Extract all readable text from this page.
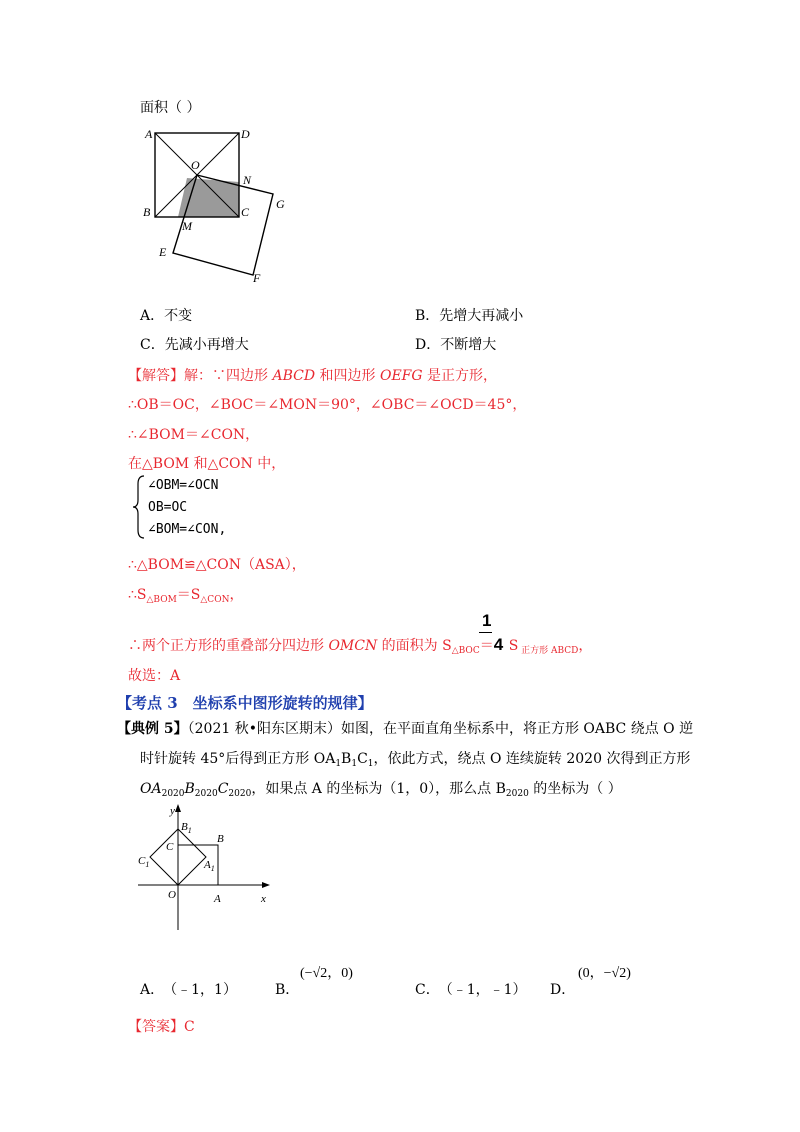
面积（ ）
A	D
O
N
G
B	C
M
E
F
A．不变	B．先增大再减小
C．先减小再增大	D．不断增大
【解答】解：∵四边形 ABCD 和四边形 OEFG 是正方形，
∴OB＝OC，∠BOC＝∠MON＝90°，∠OBC＝∠OCD＝45°，
∴∠BOM＝∠CON，
在△BOM 和△CON 中，
∠OBM=∠OCN
OB=OC
∠BOM=∠CON,
∴△BOM≌△CON（ASA），
$\therefore S_{\triangle BOM}=S_{\triangle CON}$，
1
∴两个正方形的重叠部分四边形 OMCN 的面积为 $S_{\triangle BOC}=4$ S $_{正方形 ABCD}$，
故选：A
【考点 3　坐标系中图形旋转的规律】
【典例 5】（2021 秋•阳东区期末）如图，在平面直角坐标系中，将正方形 OABC 绕点 O 逆
时针旋转 45°后得到正方形 $OA_1B_1C_1$，依此方式，绕点 O 连续旋转 2020 次得到正方形
$OA_{2020}B_{2020}C_{2020}$，如果点 A 的坐标为（1，0），那么点 $B_{2020}$ 的坐标为（ ）
y
x
O	A
B
C
$B_1$
$A_1$
$C_1$
A． （﹣1，1）	B．
(−√2，0)
C． （﹣1，﹣1） D．
(0，−√2)
【答案】C
